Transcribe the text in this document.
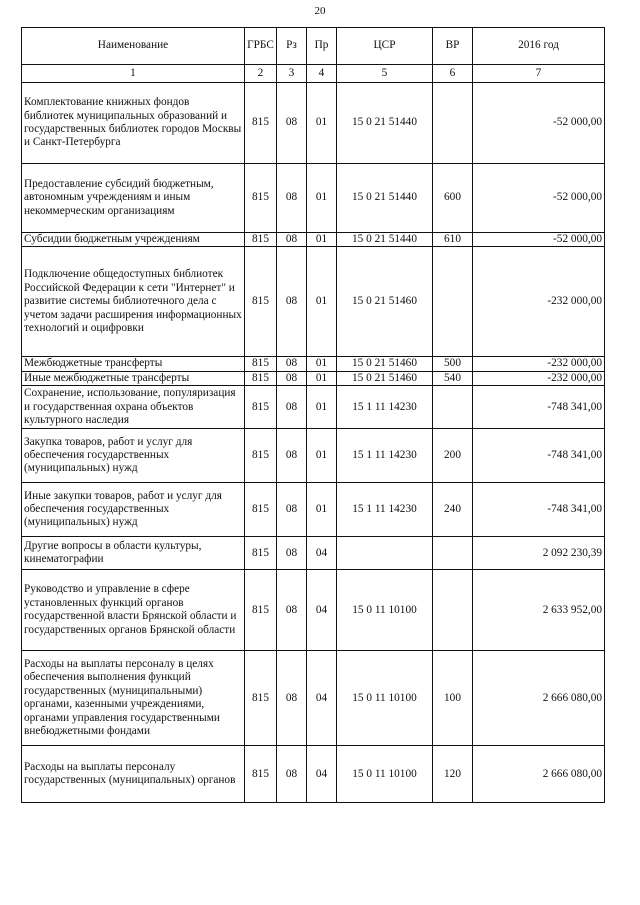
20
Наименование	ГРБС	Рз	Пр	ЦСР	ВР	2016 год
1	2	3	4	5	6	7
Комплектование книжных фондов библиотек муниципальных образований и государственных библиотек городов Москвы и Санкт-Петербурга	815	08	01	15 0 21 51440		-52 000,00
Предоставление субсидий бюджетным, автономным учреждениям и иным некоммерческим организациям	815	08	01	15 0 21 51440	600	-52 000,00
Субсидии бюджетным учреждениям	815	08	01	15 0 21 51440	610	-52 000,00
Подключение общедоступных библиотек Российской Федерации к сети "Интернет" и развитие системы библиотечного дела с учетом задачи расширения информационных технологий и оцифровки	815	08	01	15 0 21 51460		-232 000,00
Межбюджетные трансферты	815	08	01	15 0 21 51460	500	-232 000,00
Иные межбюджетные трансферты	815	08	01	15 0 21 51460	540	-232 000,00
Сохранение, использование, популяризация и государственная охрана объектов культурного наследия	815	08	01	15 1 11 14230		-748 341,00
Закупка товаров, работ и услуг для обеспечения государственных (муниципальных) нужд	815	08	01	15 1 11 14230	200	-748 341,00
Иные закупки товаров, работ и услуг для обеспечения государственных (муниципальных) нужд	815	08	01	15 1 11 14230	240	-748 341,00
Другие вопросы в области культуры, кинематографии	815	08	04			2 092 230,39
Руководство и управление в сфере установленных функций органов государственной власти Брянской области и государственных органов Брянской области	815	08	04	15 0 11 10100		2 633 952,00
Расходы на выплаты персоналу в целях обеспечения выполнения функций государственных (муниципальными) органами, казенными учреждениями, органами управления государственными внебюджетными фондами	815	08	04	15 0 11 10100	100	2 666 080,00
Расходы на выплаты персоналу государственных (муниципальных) органов	815	08	04	15 0 11 10100	120	2 666 080,00
